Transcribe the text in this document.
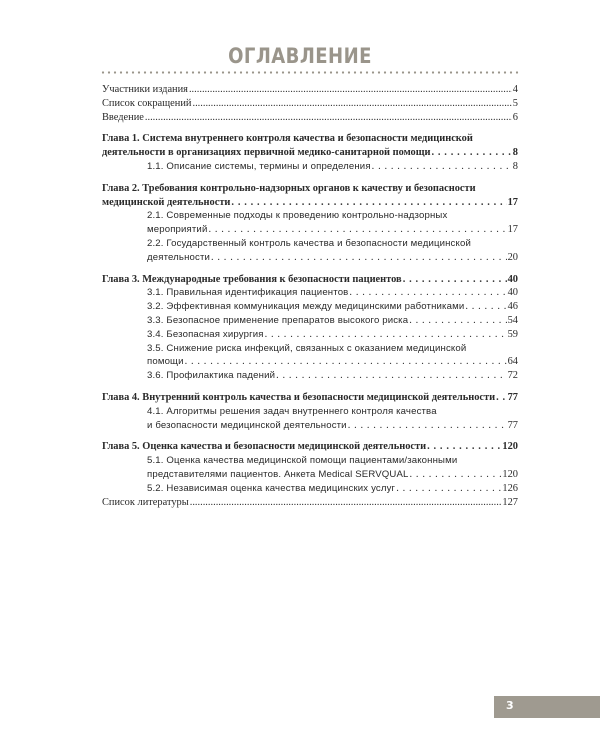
ОГЛАВЛЕНИЕ
Участники издания .....	4
Список сокращений .....	5
Введение .....	6
Глава 1. Система внутреннего контроля качества и безопасности медицинской
деятельности в организациях первичной медико-санитарной помощи . . .	8
1.1. Описание системы, термины и определения . . .	8
Глава 2. Требования контрольно-надзорных органов к качеству и безопасности
медицинской деятельности . . .	17
2.1. Современные подходы к проведению контрольно-надзорных
мероприятий . . .	17
2.2. Государственный контроль качества и безопасности медицинской
деятельности . . .	20
Глава 3. Международные требования к безопасности пациентов . . .	40
3.1. Правильная идентификация пациентов . . .	40
3.2. Эффективная коммуникация между медицинскими работниками . . .	46
3.3. Безопасное применение препаратов высокого риска . . .	54
3.4. Безопасная хирургия . . .	59
3.5. Снижение риска инфекций, связанных с оказанием медицинской
помощи . . .	64
3.6. Профилактика падений . . .	72
Глава 4. Внутренний контроль качества и безопасности медицинской деятельности . . . 77
4.1. Алгоритмы решения задач внутреннего контроля качества
и безопасности медицинской деятельности . . .	77
Глава 5. Оценка качества и безопасности медицинской деятельности . . .	120
5.1. Оценка качества медицинской помощи пациентами/законными
представителями пациентов. Анкета Medical SERVQUAL . . .	120
5.2. Независимая оценка качества медицинских услуг . . .	126
Список литературы .....	127
3
